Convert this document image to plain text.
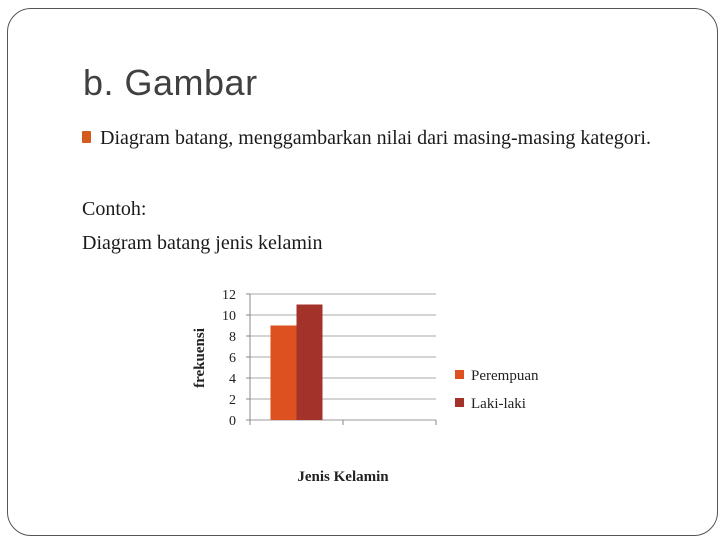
b. Gambar
Diagram batang, menggambarkan nilai dari masing-masing kategori.
Contoh:
Diagram batang jenis kelamin
0
2
4
6
8
10
12
frekuensi
Jenis Kelamin
Perempuan
Laki-laki
